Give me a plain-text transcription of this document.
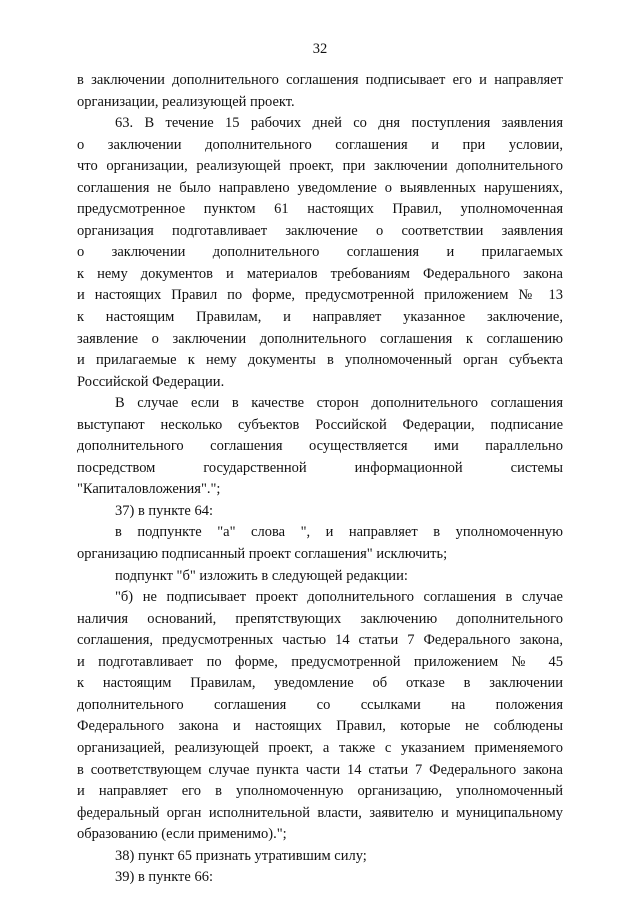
32
в заключении дополнительного соглашения подписывает его и направляет
организации, реализующей проект.
63. В течение 15 рабочих дней со дня поступления заявления
о заключении дополнительного соглашения и при условии,
что организации, реализующей проект, при заключении дополнительного
соглашения не было направлено уведомление о выявленных нарушениях,
предусмотренное пунктом 61 настоящих Правил, уполномоченная
организация подготавливает заключение о соответствии заявления
о заключении дополнительного соглашения и прилагаемых
к нему документов и материалов требованиям Федерального закона
и настоящих Правил по форме, предусмотренной приложением № 13
к настоящим Правилам, и направляет указанное заключение,
заявление о заключении дополнительного соглашения к соглашению
и прилагаемые к нему документы в уполномоченный орган субъекта
Российской Федерации.
В случае если в качестве сторон дополнительного соглашения
выступают несколько субъектов Российской Федерации, подписание
дополнительного соглашения осуществляется ими параллельно
посредством государственной информационной системы
"Капиталовложения".";
37) в пункте 64:
в подпункте "а" слова ", и направляет в уполномоченную
организацию подписанный проект соглашения" исключить;
подпункт "б" изложить в следующей редакции:
"б) не подписывает проект дополнительного соглашения в случае
наличия оснований, препятствующих заключению дополнительного
соглашения, предусмотренных частью 14 статьи 7 Федерального закона,
и подготавливает по форме, предусмотренной приложением № 45
к настоящим Правилам, уведомление об отказе в заключении
дополнительного соглашения со ссылками на положения
Федерального закона и настоящих Правил, которые не соблюдены
организацией, реализующей проект, а также с указанием применяемого
в соответствующем случае пункта части 14 статьи 7 Федерального закона
и направляет его в уполномоченную организацию, уполномоченный
федеральный орган исполнительной власти, заявителю и муниципальному
образованию (если применимо).";
38) пункт 65 признать утратившим силу;
39) в пункте 66:
